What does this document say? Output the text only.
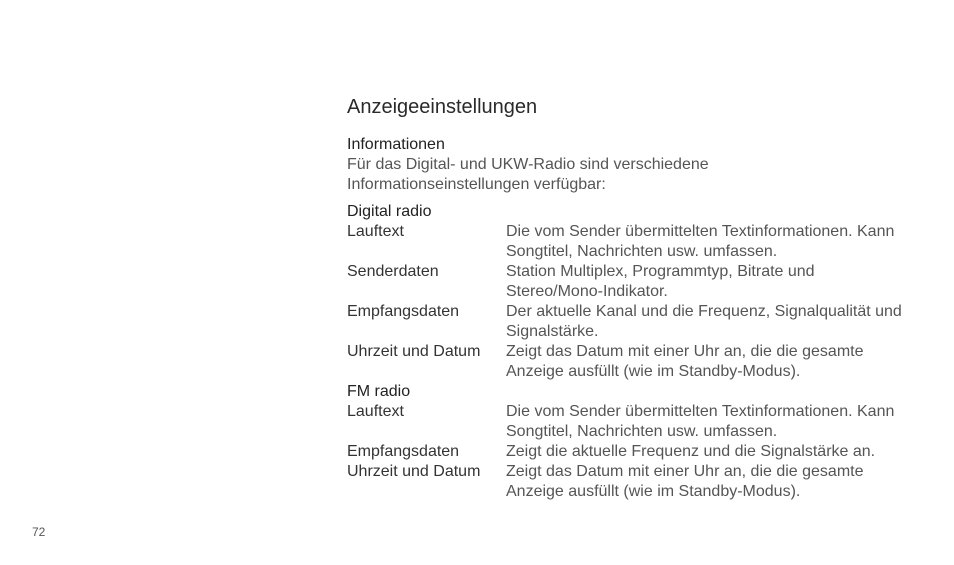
Anzeigeeinstellungen
Informationen

Für das Digital- und UKW-Radio sind verschiedene Informationseinstellungen verfügbar:

Digital radio
Lauftext	Die vom Sender übermittelten Textinformationen. Kann Songtitel, Nachrichten usw. umfassen.
Senderdaten	Station Multiplex, Programmtyp, Bitrate und Stereo/Mono-Indikator.
Empfangsdaten	Der aktuelle Kanal und die Frequenz, Signalqualität und Signalstärke.
Uhrzeit und Datum	Zeigt das Datum mit einer Uhr an, die die gesamte Anzeige ausfüllt (wie im Standby-Modus).
FM radio
Lauftext	Die vom Sender übermittelten Textinformationen. Kann Songtitel, Nachrichten usw. umfassen.
Empfangsdaten	Zeigt die aktuelle Frequenz und die Signalstärke an.
Uhrzeit und Datum	Zeigt das Datum mit einer Uhr an, die die gesamte Anzeige ausfüllt (wie im Standby-Modus).
72
